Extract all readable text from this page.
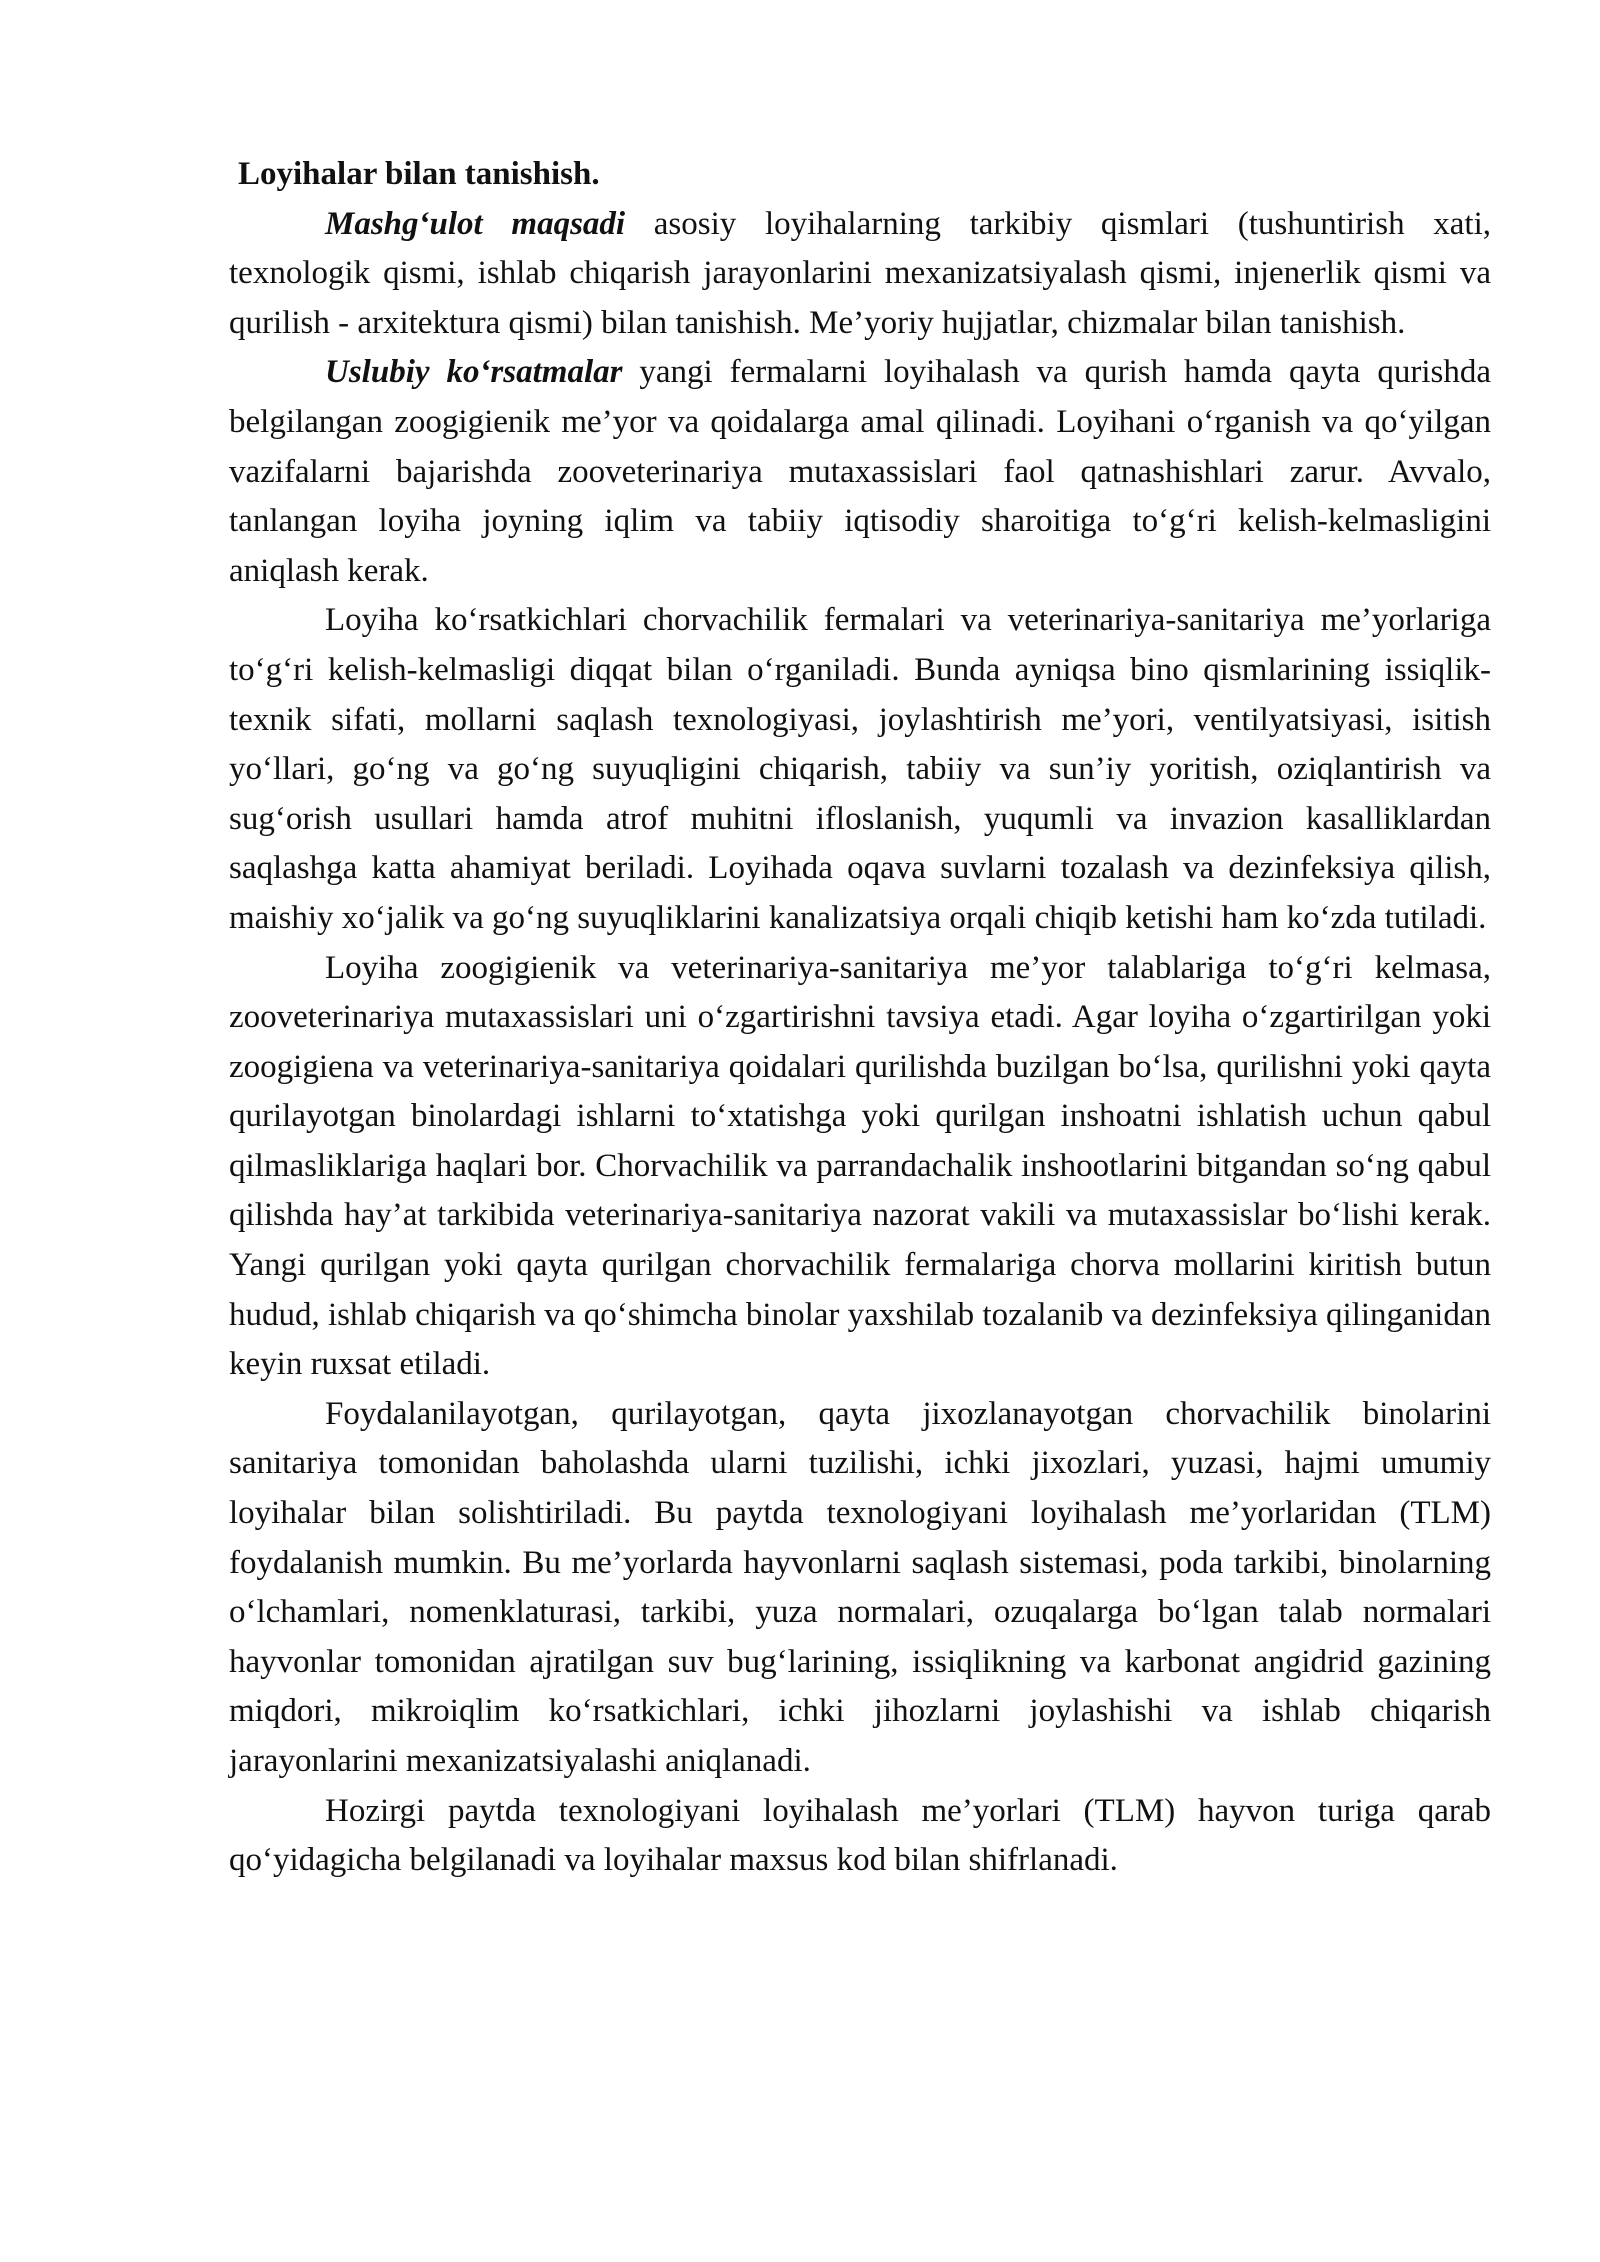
Loyihalar bilan tanishish.

Mashg‘ulot maqsadi asosiy loyihalarning tarkibiy qismlari (tushuntirish xati, texnologik qismi, ishlab chiqarish jarayonlarini mexanizatsiyalash qismi, injenerlik qismi va qurilish - arxitektura qismi) bilan tanishish. Me’yoriy hujjatlar, chizmalar bilan tanishish.

Uslubiy ko‘rsatmalar yangi fermalarni loyihalash va qurish hamda qayta qurishda belgilangan zoogigienik me’yor va qoidalarga amal qilinadi. Loyihani o‘rganish va qo‘yilgan vazifalarni bajarishda zooveterinariya mutaxassislari faol qatnashishlari zarur. Avvalo, tanlangan loyiha joyning iqlim va tabiiy iqtisodiy sharoitiga to‘g‘ri kelish-kelmasligini aniqlash kerak.

Loyiha ko‘rsatkichlari chorvachilik fermalari va veterinariya-sanitariya me’yorlariga to‘g‘ri kelish-kelmasligi diqqat bilan o‘rganiladi. Bunda ayniqsa bino qismlarining issiqlik-texnik sifati, mollarni saqlash texnologiyasi, joylashtirish me’yori, ventilyatsiyasi, isitish yo‘llari, go‘ng va go‘ng suyuqligini chiqarish, tabiiy va sun’iy yoritish, oziqlantirish va sug‘orish usullari hamda atrof muhitni ifloslanish, yuqumli va invazion kasalliklardan saqlashga katta ahamiyat beriladi. Loyihada oqava suvlarni tozalash va dezinfeksiya qilish, maishiy xo‘jalik va go‘ng suyuqliklarini kanalizatsiya orqali chiqib ketishi ham ko‘zda tutiladi.

Loyiha zoogigienik va veterinariya-sanitariya me’yor talablariga to‘g‘ri kelmasa, zooveterinariya mutaxassislari uni o‘zgartirishni tavsiya etadi. Agar loyiha o‘zgartirilgan yoki zoogigiena va veterinariya-sanitariya qoidalari qurilishda buzilgan bo‘lsa, qurilishni yoki qayta qurilayotgan binolardagi ishlarni to‘xtatishga yoki qurilgan inshoatni ishlatish uchun qabul qilmasliklariga haqlari bor. Chorvachilik va parrandachalik inshootlarini bitgandan so‘ng qabul qilishda hay’at tarkibida veterinariya-sanitariya nazorat vakili va mutaxassislar bo‘lishi kerak. Yangi qurilgan yoki qayta qurilgan chorvachilik fermalariga chorva mollarini kiritish butun hudud, ishlab chiqarish va qo‘shimcha binolar yaxshilab tozalanib va dezinfeksiya qilinganidan keyin ruxsat etiladi.

Foydalanilayotgan, qurilayotgan, qayta jixozlanayotgan chorvachilik binolarini sanitariya tomonidan baholashda ularni tuzilishi, ichki jixozlari, yuzasi, hajmi umumiy loyihalar bilan solishtiriladi. Bu paytda texnologiyani loyihalash me’yorlaridan (TLM) foydalanish mumkin. Bu me’yorlarda hayvonlarni saqlash sistemasi, poda tarkibi, binolarning o‘lchamlari, nomenklaturasi, tarkibi, yuza normalari, ozuqalarga bo‘lgan talab normalari hayvonlar tomonidan ajratilgan suv bug‘larining, issiqlikning va karbonat angidrid gazining miqdori, mikroiqlim ko‘rsatkichlari, ichki jihozlarni joylashishi va ishlab chiqarish jarayonlarini mexanizatsiyalashi aniqlanadi.

Hozirgi paytda texnologiyani loyihalash me’yorlari (TLM) hayvon turiga qarab qo‘yidagicha belgilanadi va loyihalar maxsus kod bilan shifrlanadi.
